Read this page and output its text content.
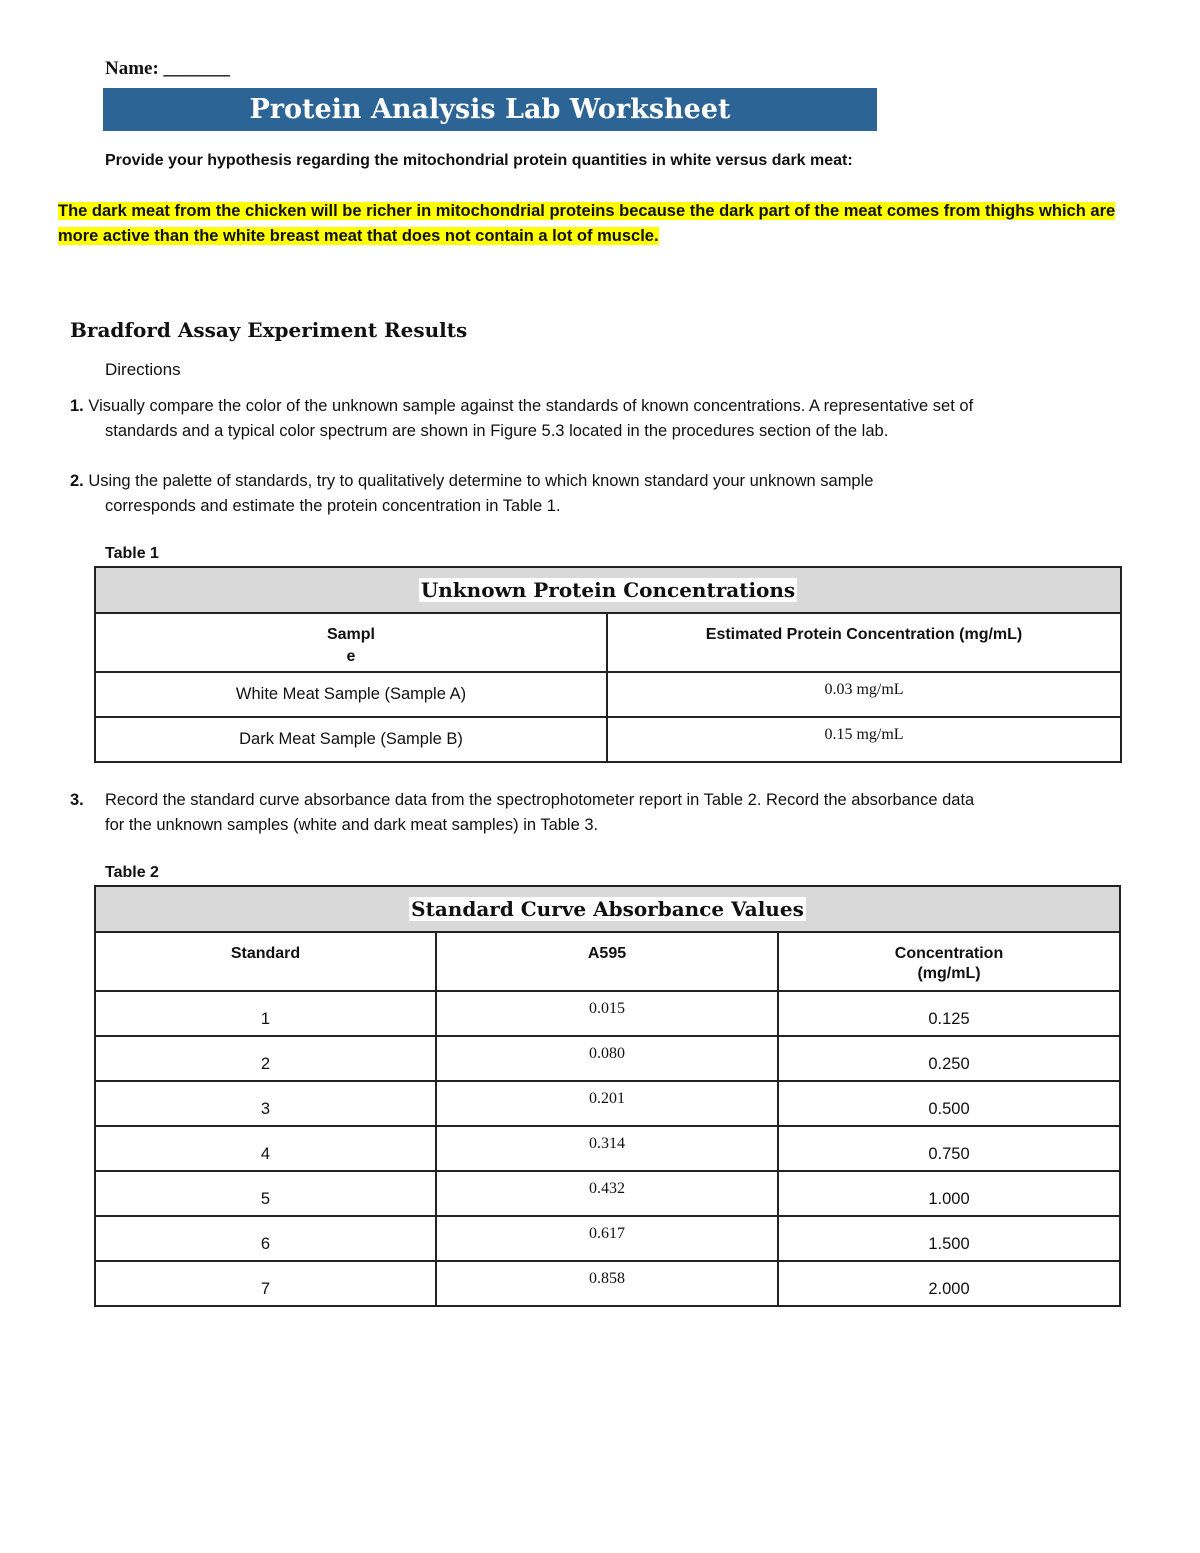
Name: _______
Protein Analysis Lab Worksheet
Provide your hypothesis regarding the mitochondrial protein quantities in white versus dark meat:
The dark meat from the chicken will be richer in mitochondrial proteins because the dark part of the meat comes from thighs which are more active than the white breast meat that does not contain a lot of muscle.
Bradford Assay Experiment Results
Directions
1. Visually compare the color of the unknown sample against the standards of known concentrations. A representative set of
standards and a typical color spectrum are shown in Figure 5.3 located in the procedures section of the lab.
2. Using the palette of standards, try to qualitatively determine to which known standard your unknown sample
corresponds and estimate the protein concentration in Table 1.
Table 1
Unknown Protein Concentrations	

Sampl
e	Estimated Protein Concentration (mg/mL)
White Meat Sample (Sample A)	0.03 mg/mL
Dark Meat Sample (Sample B)	0.15 mg/mL
3. Record the standard curve absorbance data from the spectrophotometer report in Table 2. Record the absorbance data
for the unknown samples (white and dark meat samples) in Table 3.
Table 2
Standard Curve Absorbance Values		
Standard	A595	Concentration
(mg/mL)

1	0.015	0.125
2	0.080	0.250
3	0.201	0.500
4	0.314	0.750
5	0.432	1.000
6	0.617	1.500
7	0.858	2.000
